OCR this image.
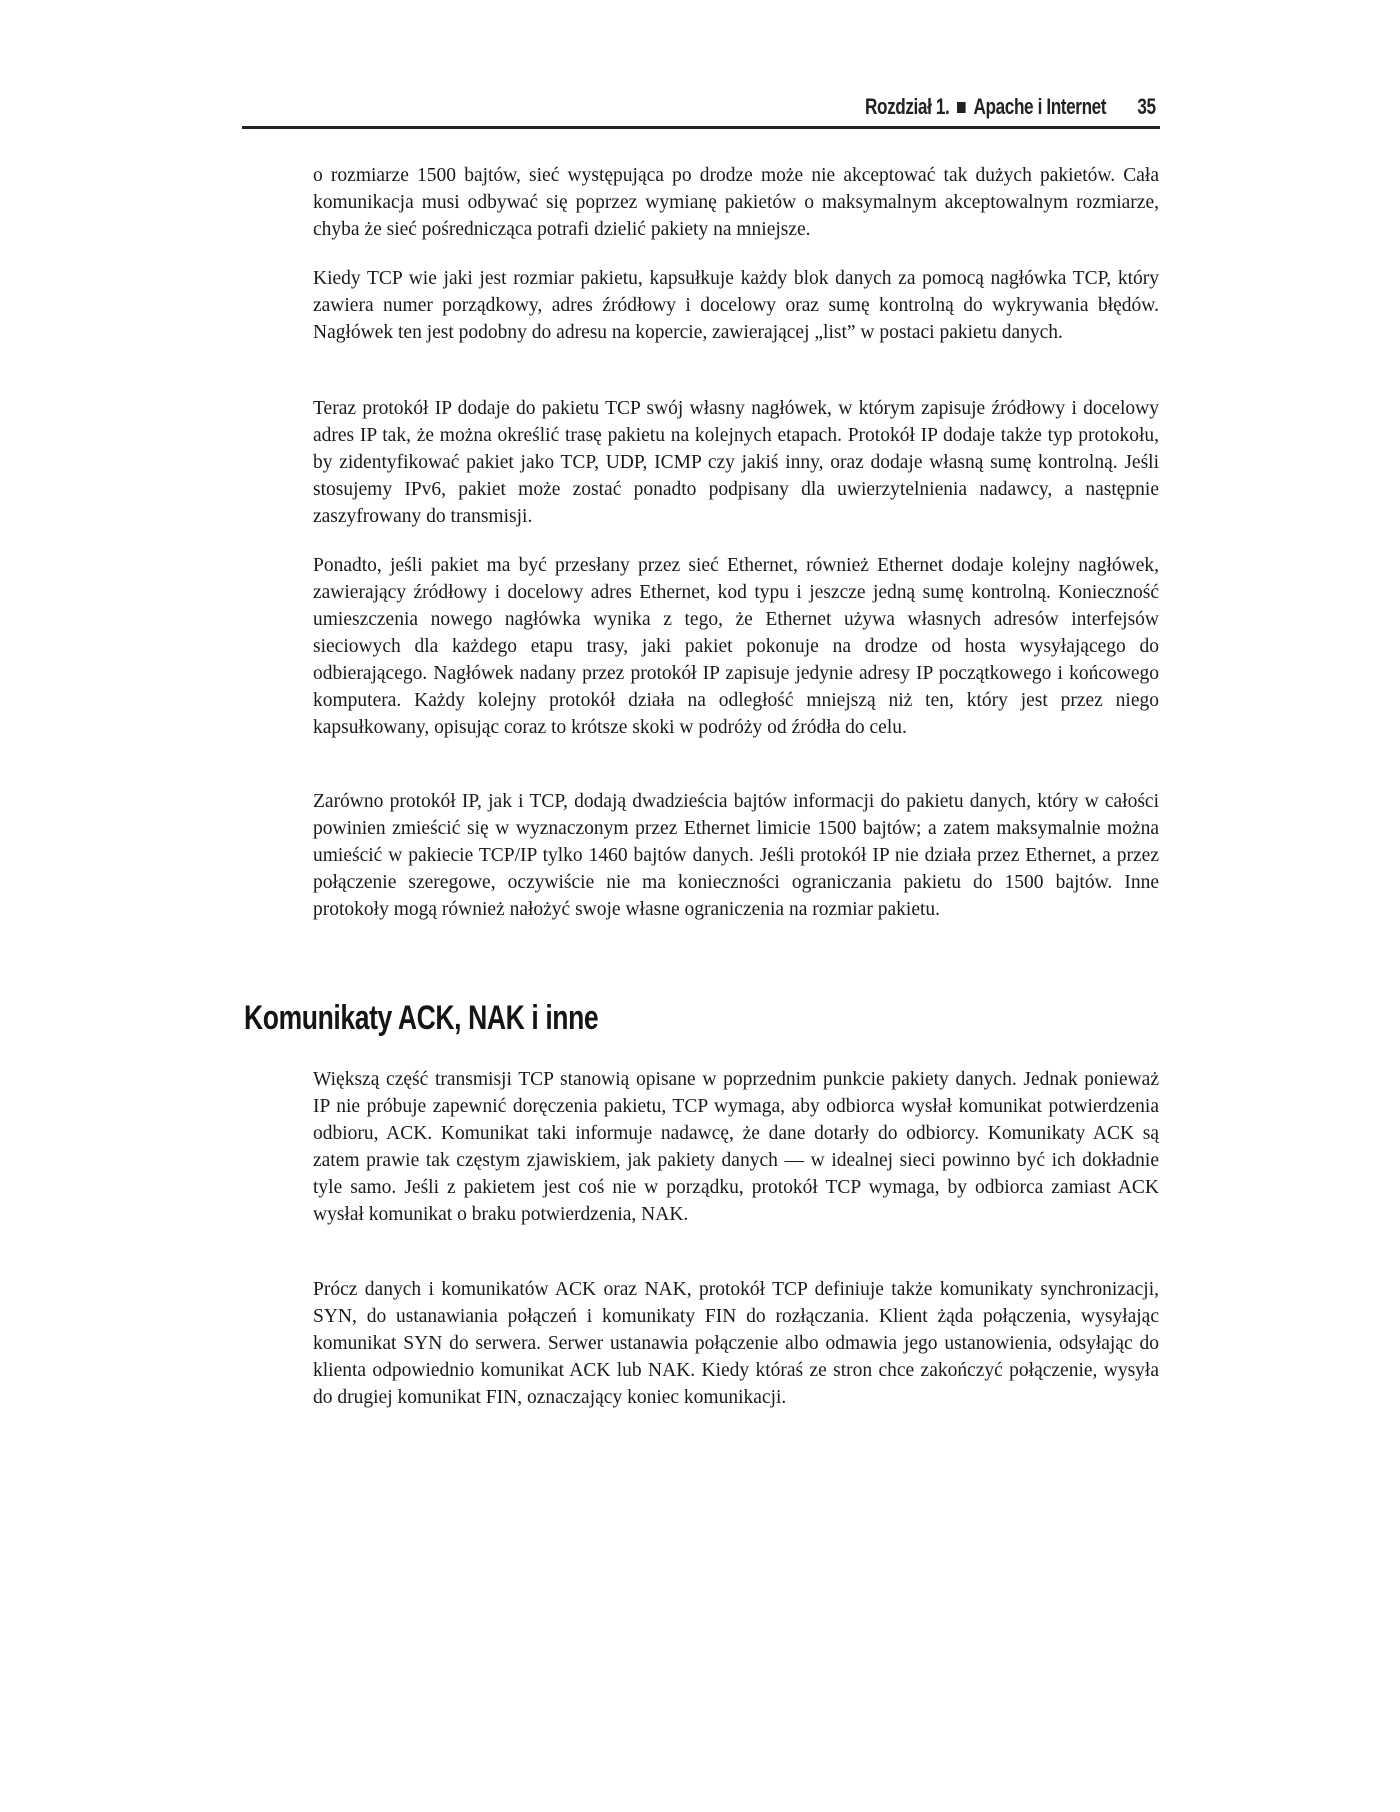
Rozdział 1. Apache i Internet 35

o rozmiarze 1500 bajtów, sieć występująca po drodze może nie akceptować tak dużych pakietów. Cała komunikacja musi odbywać się poprzez wymianę pakietów o maksymalnym akceptowalnym rozmiarze, chyba że sieć pośrednicząca potrafi dzielić pakiety na mniejsze.

Kiedy TCP wie jaki jest rozmiar pakietu, kapsułkuje każdy blok danych za pomocą nagłówka TCP, który zawiera numer porządkowy, adres źródłowy i docelowy oraz sumę kontrolną do wykrywania błędów. Nagłówek ten jest podobny do adresu na kopercie, zawierającej „list” w postaci pakietu danych.

Teraz protokół IP dodaje do pakietu TCP swój własny nagłówek, w którym zapisuje źródłowy i docelowy adres IP tak, że można określić trasę pakietu na kolejnych etapach. Protokół IP dodaje także typ protokołu, by zidentyfikować pakiet jako TCP, UDP, ICMP czy jakiś inny, oraz dodaje własną sumę kontrolną. Jeśli stosujemy IPv6, pakiet może zostać ponadto podpisany dla uwierzytelnienia nadawcy, a następnie zaszyfrowany do transmisji.

Ponadto, jeśli pakiet ma być przesłany przez sieć Ethernet, również Ethernet dodaje kolejny nagłówek, zawierający źródłowy i docelowy adres Ethernet, kod typu i jeszcze jedną sumę kontrolną. Konieczność umieszczenia nowego nagłówka wynika z tego, że Ethernet używa własnych adresów interfejsów sieciowych dla każdego etapu trasy, jaki pakiet pokonuje na drodze od hosta wysyłającego do odbierającego. Nagłówek nadany przez protokół IP zapisuje jedynie adresy IP początkowego i końcowego komputera. Każdy kolejny protokół działa na odległość mniejszą niż ten, który jest przez niego kapsułkowany, opisując coraz to krótsze skoki w podróży od źródła do celu.

Zarówno protokół IP, jak i TCP, dodają dwadzieścia bajtów informacji do pakietu danych, który w całości powinien zmieścić się w wyznaczonym przez Ethernet limicie 1500 bajtów; a zatem maksymalnie można umieścić w pakiecie TCP/IP tylko 1460 bajtów danych. Jeśli protokół IP nie działa przez Ethernet, a przez połączenie szeregowe, oczywiście nie ma konieczności ograniczania pakietu do 1500 bajtów. Inne protokoły mogą również nałożyć swoje własne ograniczenia na rozmiar pakietu.

Komunikaty ACK, NAK i inne

Większą część transmisji TCP stanowią opisane w poprzednim punkcie pakiety danych. Jednak ponieważ IP nie próbuje zapewnić doręczenia pakietu, TCP wymaga, aby odbiorca wysłał komunikat potwierdzenia odbioru, ACK. Komunikat taki informuje nadawcę, że dane dotarły do odbiorcy. Komunikaty ACK są zatem prawie tak częstym zjawiskiem, jak pakiety danych — w idealnej sieci powinno być ich dokładnie tyle samo. Jeśli z pakietem jest coś nie w porządku, protokół TCP wymaga, by odbiorca zamiast ACK wysłał komunikat o braku potwierdzenia, NAK.

Prócz danych i komunikatów ACK oraz NAK, protokół TCP definiuje także komunikaty synchronizacji, SYN, do ustanawiania połączeń i komunikaty FIN do rozłączania. Klient żąda połączenia, wysyłając komunikat SYN do serwera. Serwer ustanawia połączenie albo odmawia jego ustanowienia, odsyłając do klienta odpowiednio komunikat ACK lub NAK. Kiedy któraś ze stron chce zakończyć połączenie, wysyła do drugiej komunikat FIN, oznaczający koniec komunikacji.
